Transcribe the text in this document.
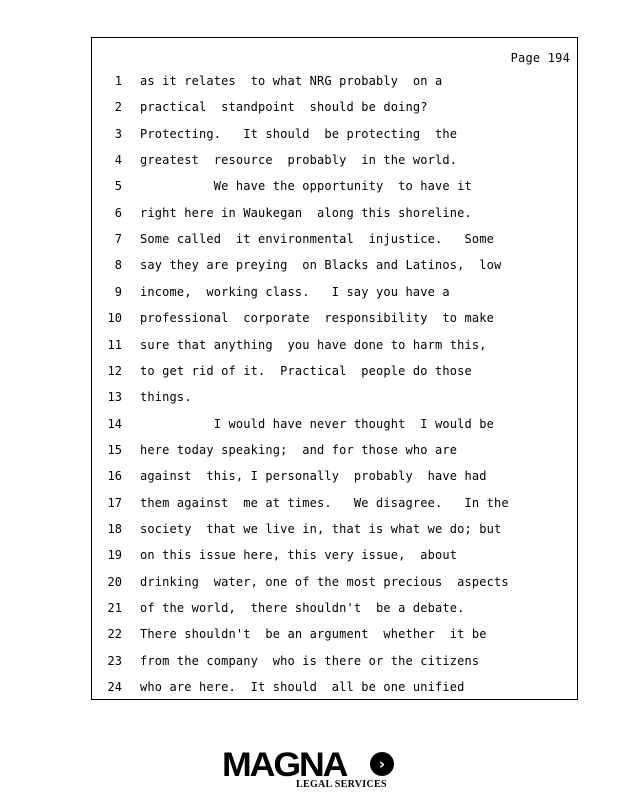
Page 194
1 as it relates  to what NRG probably  on a
2 practical  standpoint  should be doing?
3 Protecting.   It should  be protecting  the
4 greatest  resource  probably  in the world.
5 We have the opportunity  to have it
6 right here in Waukegan  along this shoreline.
7 Some called  it environmental  injustice.   Some
8 say they are preying  on Blacks and Latinos,  low
9 income,  working class.   I say you have a
10 professional  corporate  responsibility  to make
11 sure that anything  you have done to harm this,
12 to get rid of it.  Practical  people do those
13 things.
14 I would have never thought  I would be
15 here today speaking;  and for those who are
16 against  this, I personally  probably  have had
17 them against  me at times.   We disagree.   In the
18 society  that we live in, that is what we do; but
19 on this issue here, this very issue,  about
20 drinking  water, one of the most precious  aspects
21 of the world,  there shouldn't  be a debate.
22 There shouldn't  be an argument  whether  it be
23 from the company  who is there or the citizens
24 who are here.  It should  all be one unified
MAGNA	›
LEGAL SERVICES
